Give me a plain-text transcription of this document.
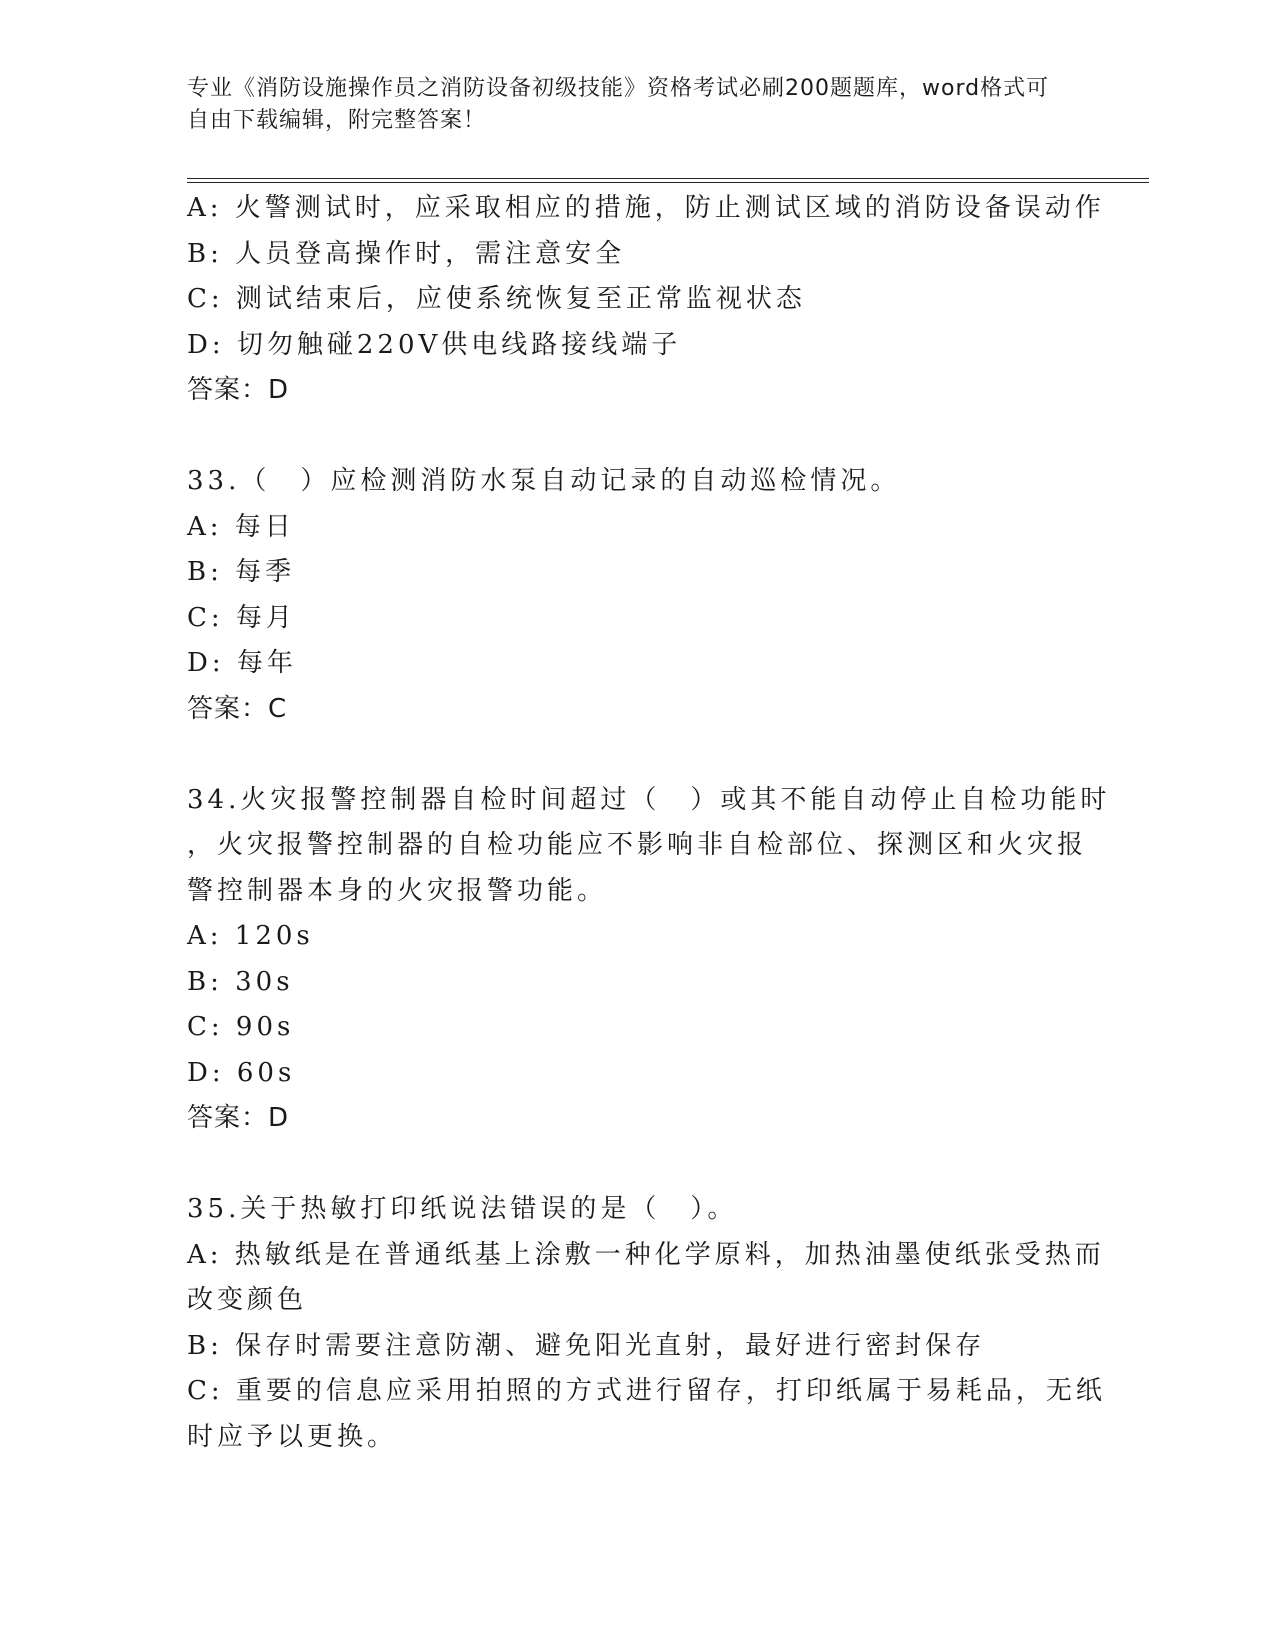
专业《消防设施操作员之消防设备初级技能》资格考试必刷200题题库，word格式可自由下载编辑，附完整答案！
A: 火警测试时，应采取相应的措施，防止测试区域的消防设备误动作
B: 人员登高操作时，需注意安全
C: 测试结束后，应使系统恢复至正常监视状态
D: 切勿触碰220V供电线路接线端子
答案：D
33.（　）应检测消防水泵自动记录的自动巡检情况。
A: 每日
B: 每季
C: 每月
D: 每年
答案：C
34.火灾报警控制器自检时间超过（　）或其不能自动停止自检功能时
，火灾报警控制器的自检功能应不影响非自检部位、探测区和火灾报
警控制器本身的火灾报警功能。
A: 120s
B: 30s
C: 90s
D: 60s
答案：D
35.关于热敏打印纸说法错误的是（　）。
A: 热敏纸是在普通纸基上涂敷一种化学原料，加热油墨使纸张受热而
改变颜色
B: 保存时需要注意防潮、避免阳光直射，最好进行密封保存
C: 重要的信息应采用拍照的方式进行留存，打印纸属于易耗品，无纸
时应予以更换。
